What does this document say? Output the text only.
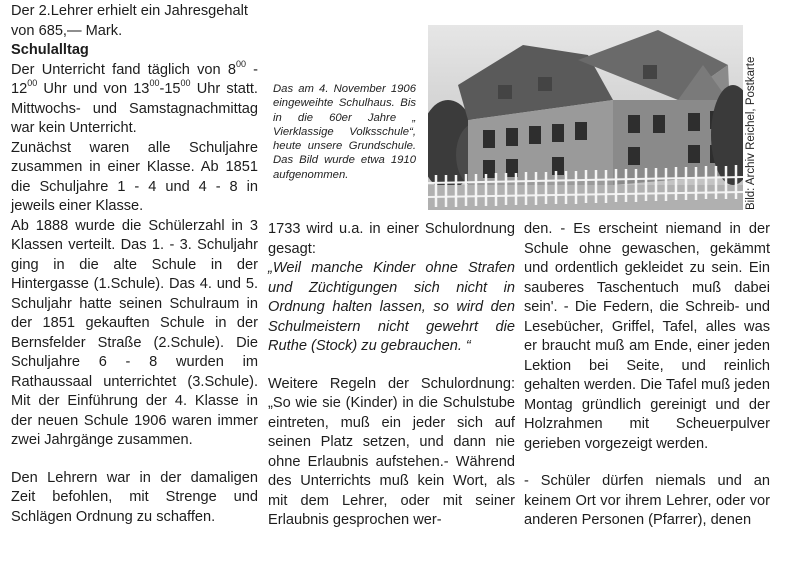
Der 2.Lehrer erhielt ein Jahresgehalt

von 685,— Mark.

Schulalltag

Der Unterricht fand täglich von $8^{00} - 12^{00}$ Uhr und von $13^{00}-15^{00}$ Uhr statt. Mittwochs- und Samstagnachmittag war kein Unterricht.

Zunächst waren alle Schuljahre zusammen in einer Klasse. Ab 1851 die Schuljahre 1 - 4 und 4 - 8 in jeweils einer Klasse.

Ab 1888 wurde die Schülerzahl in 3 Klassen verteilt. Das 1. - 3. Schuljahr ging in die alte Schule in der Hintergasse (1.Schule). Das 4. und 5. Schuljahr hatte seinen Schulraum in der 1851 gekauften Schule in der Bernsfelder Straße (2.Schule). Die Schuljahre 6 - 8 wurden im Rathaussaal unterrichtet (3.Schule). Mit der Einführung der 4. Klasse in der neuen Schule 1906 waren immer zwei Jahrgänge zusammen.

Den Lehrern war in der damaligen Zeit befohlen, mit Strenge und Schlägen Ordnung zu schaffen.

Das am 4. November 1906 eingeweihte Schulhaus. Bis in die 60er Jahre „ Vierklassige Volksschule“, heute unsere Grundschule. Das Bild wurde etwa 1910 aufgenommen.	Bild: Archiv Reichel, Postkarte

1733 wird u.a. in einer Schulordnung gesagt:

„Weil manche Kinder ohne Strafen und Züchtigungen sich nicht in Ordnung halten lassen, so wird den Schulmeistern nicht gewehrt die Ruthe (Stock) zu gebrauchen. “

Weitere Regeln der Schulordnung: „So wie sie (Kinder) in die Schulstube eintreten, muß ein jeder sich auf seinen Platz setzen, und dann nie ohne Erlaubnis aufstehen.- Während des Unterrichts muß kein Wort, als mit dem Lehrer, oder mit seiner Erlaubnis gesprochen wer-

den. - Es erscheint niemand in der Schule ohne gewaschen, gekämmt und ordentlich gekleidet zu sein. Ein sauberes Taschentuch muß dabei sein'. - Die Federn, die Schreib- und Lesebücher, Griffel, Tafel, alles was er braucht muß am Ende, einer jeden Lektion bei Seite, und reinlich gehalten werden. Die Tafel muß jeden Montag gründlich gereinigt und der Holzrahmen mit Scheuerpulver gerieben vorgezeigt werden.

- Schüler dürfen niemals und an keinem Ort vor ihrem Lehrer, oder vor anderen Personen (Pfarrer), denen
